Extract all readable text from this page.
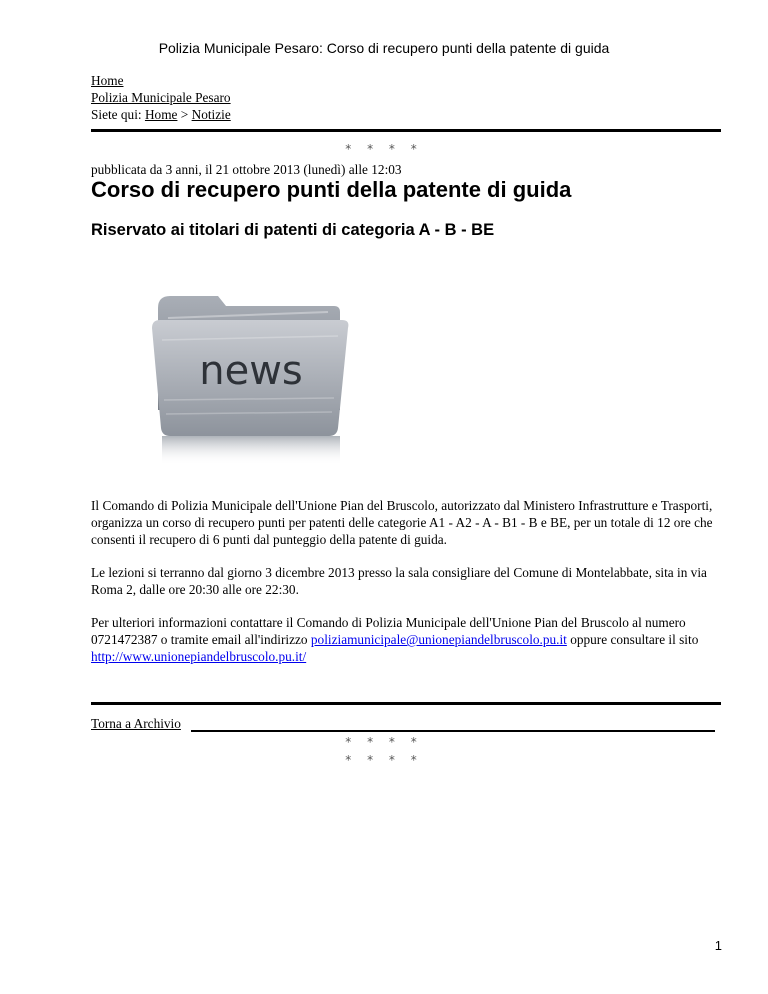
Polizia Municipale Pesaro: Corso di recupero punti della patente di guida
Home
Polizia Municipale Pesaro
Siete qui: Home > Notizie
* * * *
pubblicata da 3 anni, il 21 ottobre 2013 (lunedì) alle 12:03
Corso di recupero punti della patente di guida
Riservato ai titolari di patenti di categoria A - B - BE
news

Il Comando di Polizia Municipale dell'Unione Pian del Bruscolo, autorizzato dal Ministero Infrastrutture e Trasporti, organizza un corso di recupero punti per patenti delle categorie A1 - A2 - A - B1 - B e BE, per un totale di 12 ore che consenti il recupero di 6 punti dal punteggio della patente di guida.

Le lezioni si terranno dal giorno 3 dicembre 2013 presso la sala consigliare del Comune di Montelabbate, sita in via Roma 2, dalle ore 20:30 alle ore 22:30.

Per ulteriori informazioni contattare il Comando di Polizia Municipale dell'Unione Pian del Bruscolo al numero 0721472387 o tramite email all'indirizzo poliziamunicipale@unionepiandelbruscolo.pu.it oppure consultare il sito http://www.unionepiandelbruscolo.pu.it/

Torna a Archivio
* * * *
* * * *
1
